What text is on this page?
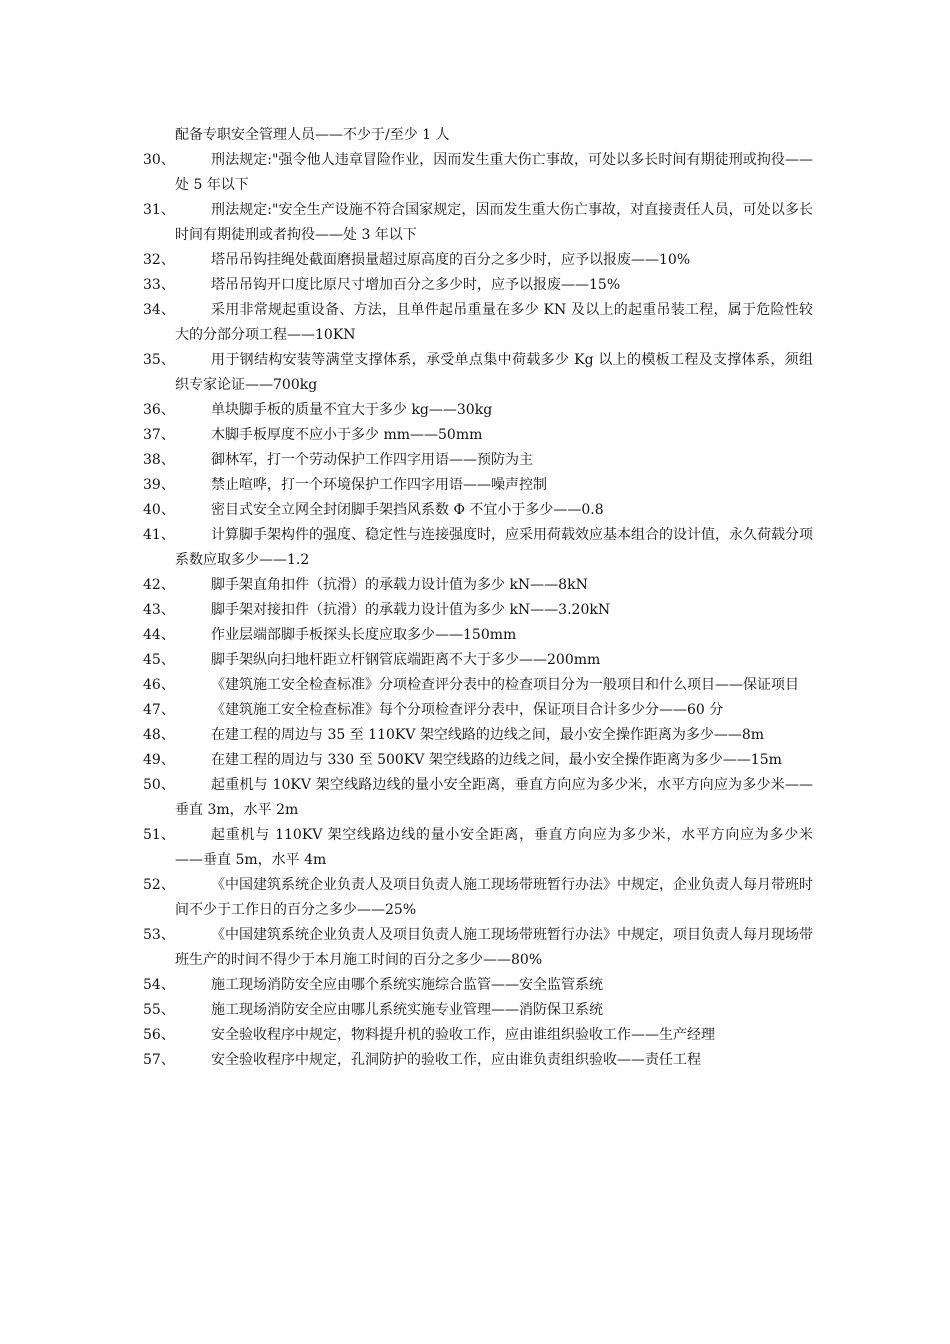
配备专职安全管理人员——不少于/至少 1 人
30、	刑法规定:"强令他人违章冒险作业，因而发生重大伤亡事故，可处以多长时间有期徒刑或拘役——处 5 年以下
31、	刑法规定:"安全生产设施不符合国家规定，因而发生重大伤亡事故，对直接责任人员，可处以多长时间有期徒刑或者拘役——处 3 年以下
32、	塔吊吊钩挂绳处截面磨损量超过原高度的百分之多少时，应予以报废——10%
33、	塔吊吊钩开口度比原尺寸增加百分之多少时，应予以报废——15%
34、	采用非常规起重设备、方法，且单件起吊重量在多少 KN 及以上的起重吊装工程，属于危险性较大的分部分项工程——10KN
35、	用于钢结构安装等满堂支撑体系，承受单点集中荷载多少 Kg 以上的模板工程及支撑体系，须组织专家论证——700kg
36、	单块脚手板的质量不宜大于多少 kg——30kg
37、	木脚手板厚度不应小于多少 mm——50mm
38、	御林军，打一个劳动保护工作四字用语——预防为主
39、	禁止喧哗，打一个环境保护工作四字用语——噪声控制
40、	密目式安全立网全封闭脚手架挡风系数 Φ 不宜小于多少——0.8
41、	计算脚手架构件的强度、稳定性与连接强度时，应采用荷载效应基本组合的设计值，永久荷载分项系数应取多少——1.2
42、	脚手架直角扣件（抗滑）的承载力设计值为多少 kN——8kN
43、	脚手架对接扣件（抗滑）的承载力设计值为多少 kN——3.20kN
44、	作业层端部脚手板探头长度应取多少——150mm
45、	脚手架纵向扫地杆距立杆钢管底端距离不大于多少——200mm
46、	《建筑施工安全检查标准》分项检查评分表中的检查项目分为一般项目和什么项目——保证项目
47、	《建筑施工安全检查标准》每个分项检查评分表中，保证项目合计多少分——60 分
48、	在建工程的周边与 35 至 110KV 架空线路的边线之间，最小安全操作距离为多少——8m
49、	在建工程的周边与 330 至 500KV 架空线路的边线之间，最小安全操作距离为多少——15m
50、	起重机与 10KV 架空线路边线的量小安全距离，垂直方向应为多少米，水平方向应为多少米——垂直 3m，水平 2m
51、	起重机与 110KV 架空线路边线的量小安全距离，垂直方向应为多少米，水平方向应为多少米——垂直 5m，水平 4m
52、	《中国建筑系统企业负责人及项目负责人施工现场带班暂行办法》中规定，企业负责人每月带班时间不少于工作日的百分之多少——25%
53、	《中国建筑系统企业负责人及项目负责人施工现场带班暂行办法》中规定，项目负责人每月现场带班生产的时间不得少于本月施工时间的百分之多少——80%
54、	施工现场消防安全应由哪个系统实施综合监管——安全监管系统
55、	施工现场消防安全应由哪儿系统实施专业管理——消防保卫系统
56、	安全验收程序中规定，物料提升机的验收工作，应由谁组织验收工作——生产经理
57、	安全验收程序中规定，孔洞防护的验收工作，应由谁负责组织验收——责任工程
